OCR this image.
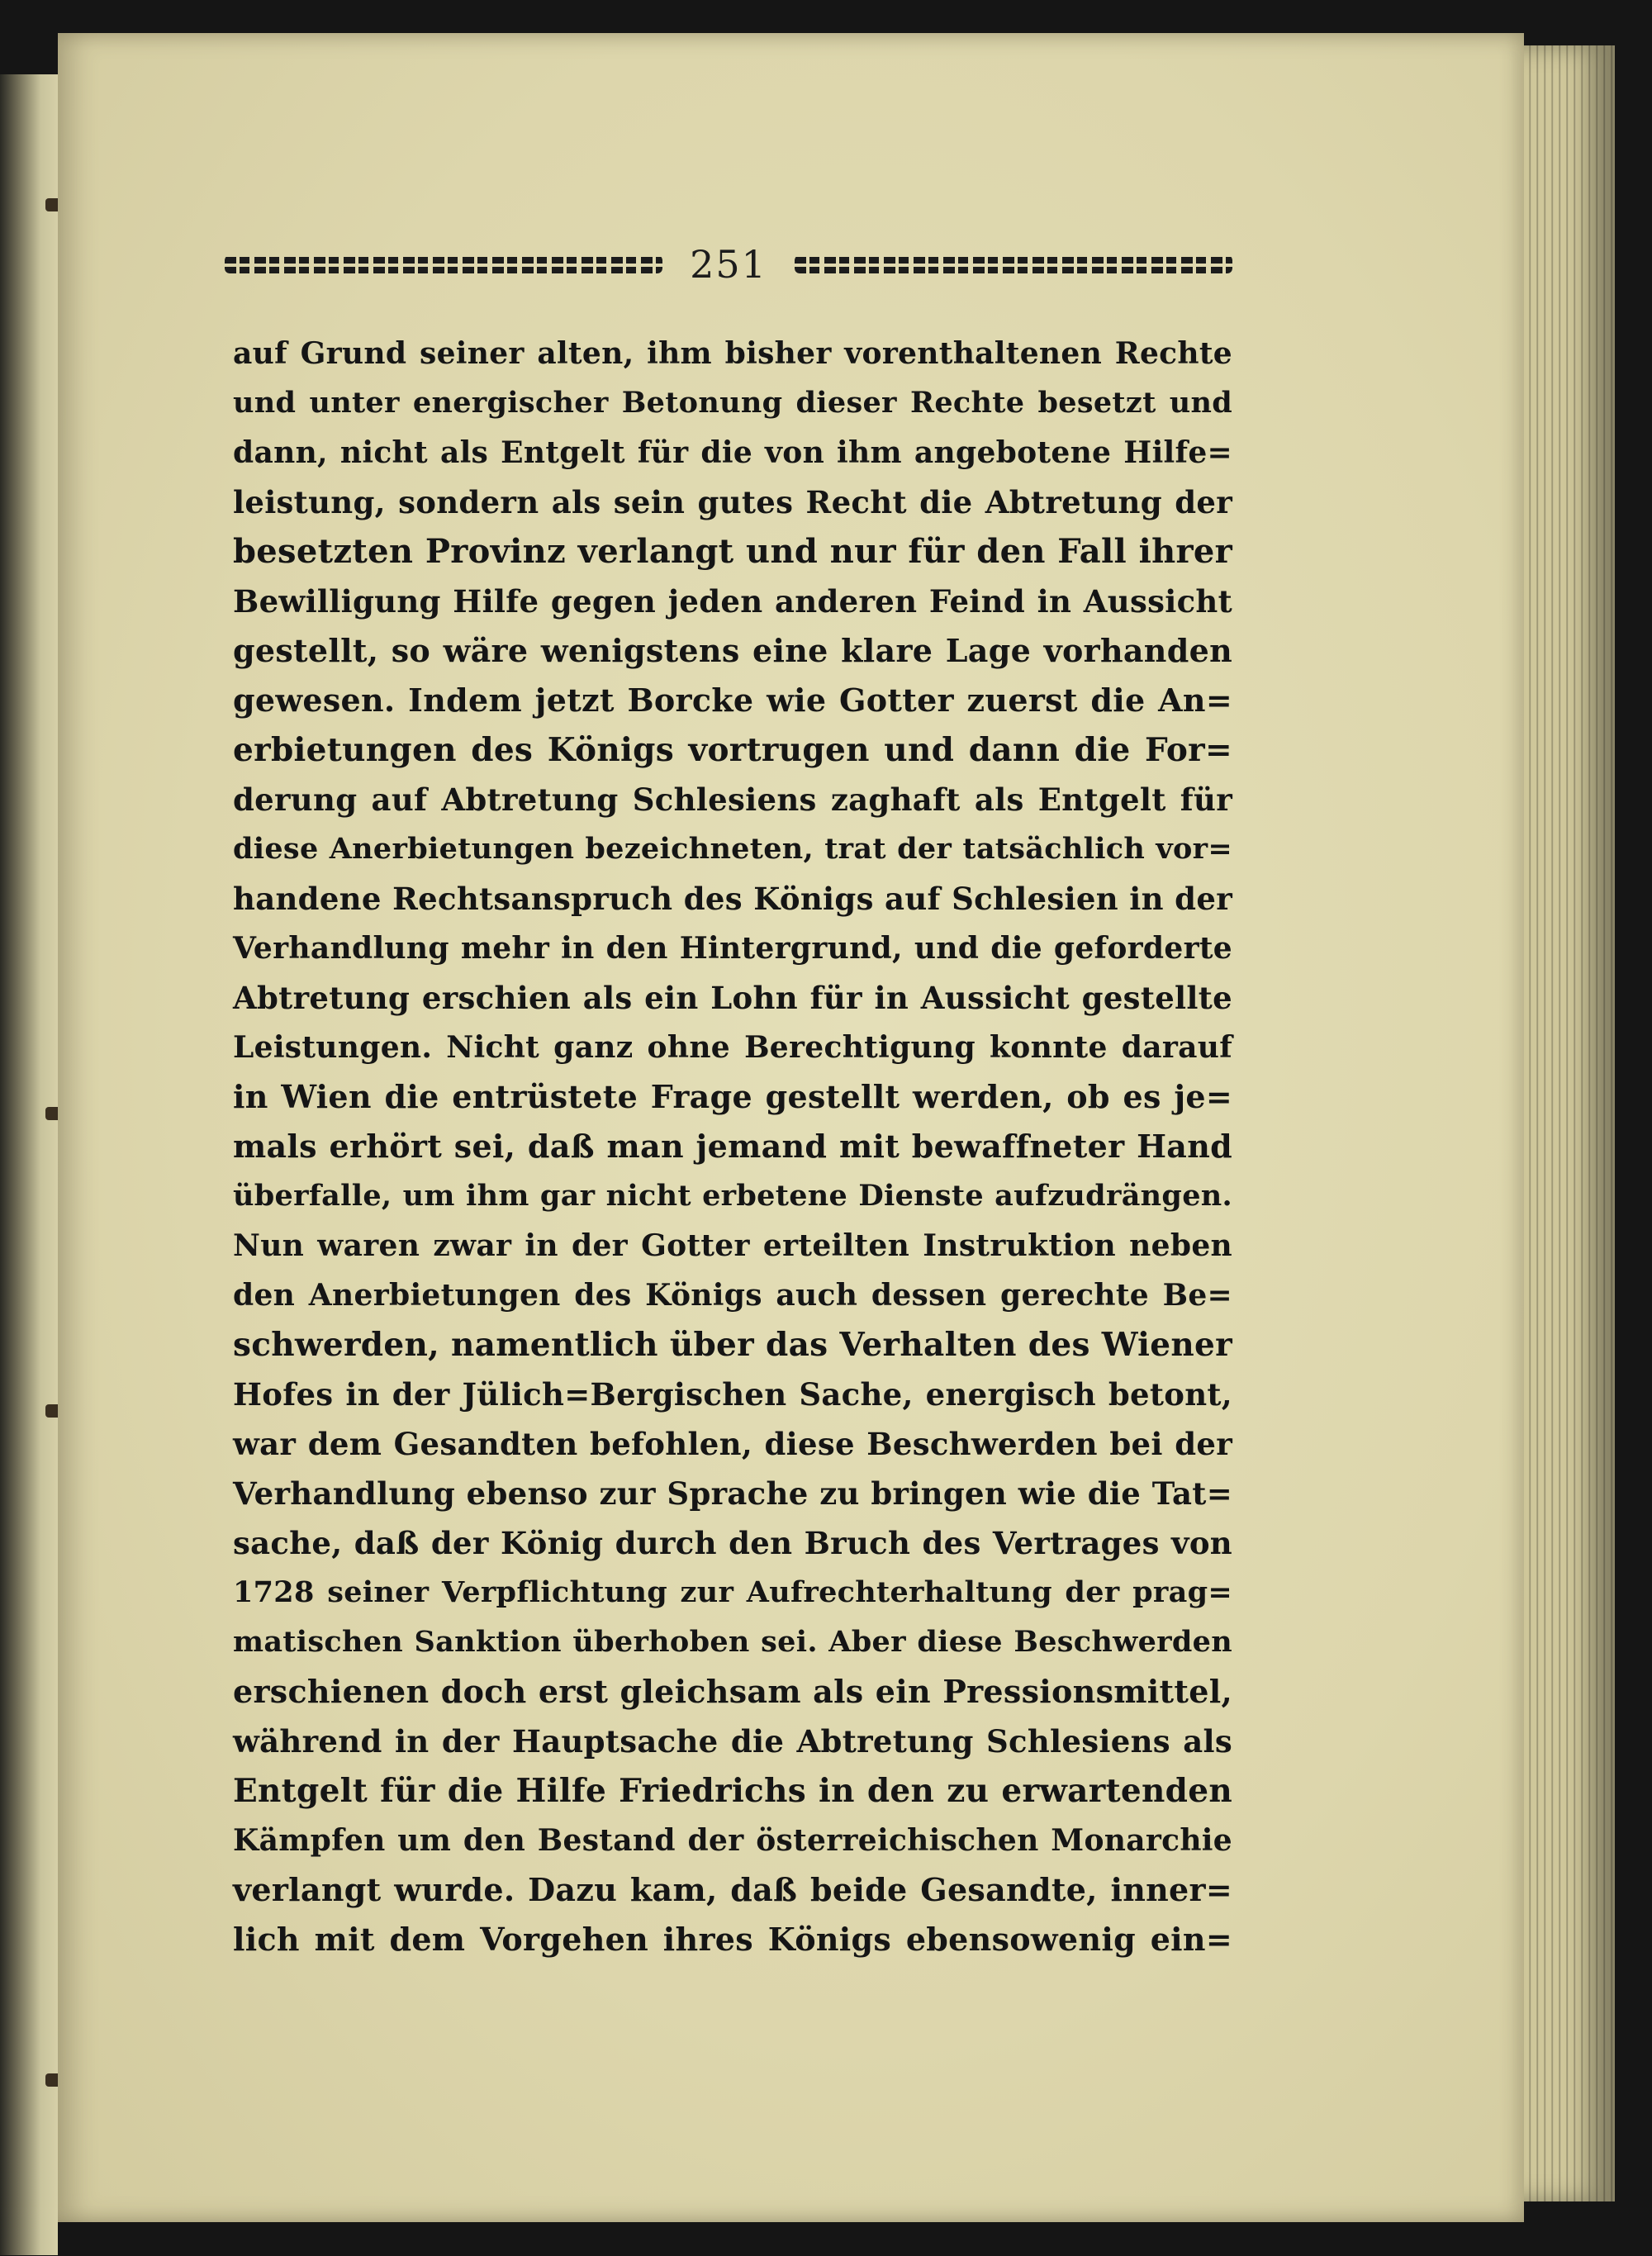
251
auf Grund seiner alten, ihm bisher vorenthaltenen Rechte
und unter energischer Betonung dieser Rechte besetzt und
dann, nicht als Entgelt für die von ihm angebotene Hilfe=
leistung, sondern als sein gutes Recht die Abtretung der
besetzten Provinz verlangt und nur für den Fall ihrer
Bewilligung Hilfe gegen jeden anderen Feind in Aussicht
gestellt, so wäre wenigstens eine klare Lage vorhanden
gewesen. Indem jetzt Borcke wie Gotter zuerst die An=
erbietungen des Königs vortrugen und dann die For=
derung auf Abtretung Schlesiens zaghaft als Entgelt für
diese Anerbietungen bezeichneten, trat der tatsächlich vor=
handene Rechtsanspruch des Königs auf Schlesien in der
Verhandlung mehr in den Hintergrund, und die geforderte
Abtretung erschien als ein Lohn für in Aussicht gestellte
Leistungen. Nicht ganz ohne Berechtigung konnte darauf
in Wien die entrüstete Frage gestellt werden, ob es je=
mals erhört sei, daß man jemand mit bewaffneter Hand
überfalle, um ihm gar nicht erbetene Dienste aufzudrängen.
Nun waren zwar in der Gotter erteilten Instruktion neben
den Anerbietungen des Königs auch dessen gerechte Be=
schwerden, namentlich über das Verhalten des Wiener
Hofes in der Jülich=Bergischen Sache, energisch betont,
war dem Gesandten befohlen, diese Beschwerden bei der
Verhandlung ebenso zur Sprache zu bringen wie die Tat=
sache, daß der König durch den Bruch des Vertrages von
1728 seiner Verpflichtung zur Aufrechterhaltung der prag=
matischen Sanktion überhoben sei. Aber diese Beschwerden
erschienen doch erst gleichsam als ein Pressionsmittel,
während in der Hauptsache die Abtretung Schlesiens als
Entgelt für die Hilfe Friedrichs in den zu erwartenden
Kämpfen um den Bestand der österreichischen Monarchie
verlangt wurde. Dazu kam, daß beide Gesandte, inner=
lich mit dem Vorgehen ihres Königs ebensowenig ein=
